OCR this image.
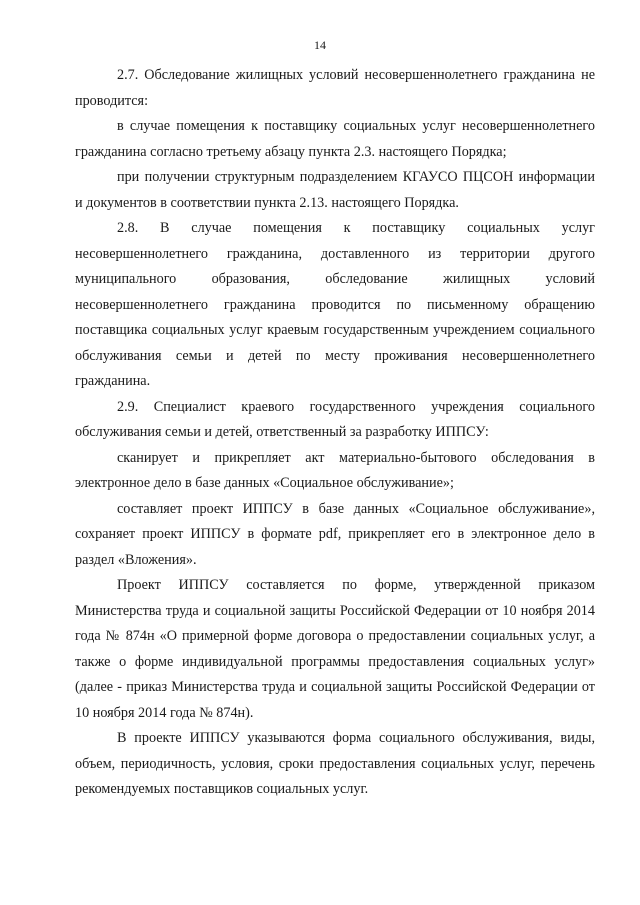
14

2.7. Обследование жилищных условий несовершеннолетнего гражданина не проводится:

в случае помещения к поставщику социальных услуг несовершеннолетнего гражданина согласно третьему абзацу пункта 2.3. настоящего Порядка;

при получении структурным подразделением КГАУСО ПЦСОН информации и документов в соответствии пункта 2.13. настоящего Порядка.

2.8. В случае помещения к поставщику социальных услуг несовершеннолетнего гражданина, доставленного из территории другого муниципального образования, обследование жилищных условий несовершеннолетнего гражданина проводится по письменному обращению поставщика социальных услуг краевым государственным учреждением социального обслуживания семьи и детей по месту проживания несовершеннолетнего гражданина.

2.9. Специалист краевого государственного учреждения социального обслуживания семьи и детей, ответственный за разработку ИППСУ:

сканирует и прикрепляет акт материально-бытового обследования в электронное дело в базе данных «Социальное обслуживание»;

составляет проект ИППСУ в базе данных «Социальное обслуживание», сохраняет проект ИППСУ в формате pdf, прикрепляет его в электронное дело в раздел «Вложения».

Проект ИППСУ составляется по форме, утвержденной приказом Министерства труда и социальной защиты Российской Федерации от 10 ноября 2014 года № 874н «О примерной форме договора о предоставлении социальных услуг, а также о форме индивидуальной программы предоставления социальных услуг» (далее - приказ Министерства труда и социальной защиты Российской Федерации от 10 ноября 2014 года № 874н).

В проекте ИППСУ указываются форма социального обслуживания, виды, объем, периодичность, условия, сроки предоставления социальных услуг, перечень рекомендуемых поставщиков социальных услуг.
